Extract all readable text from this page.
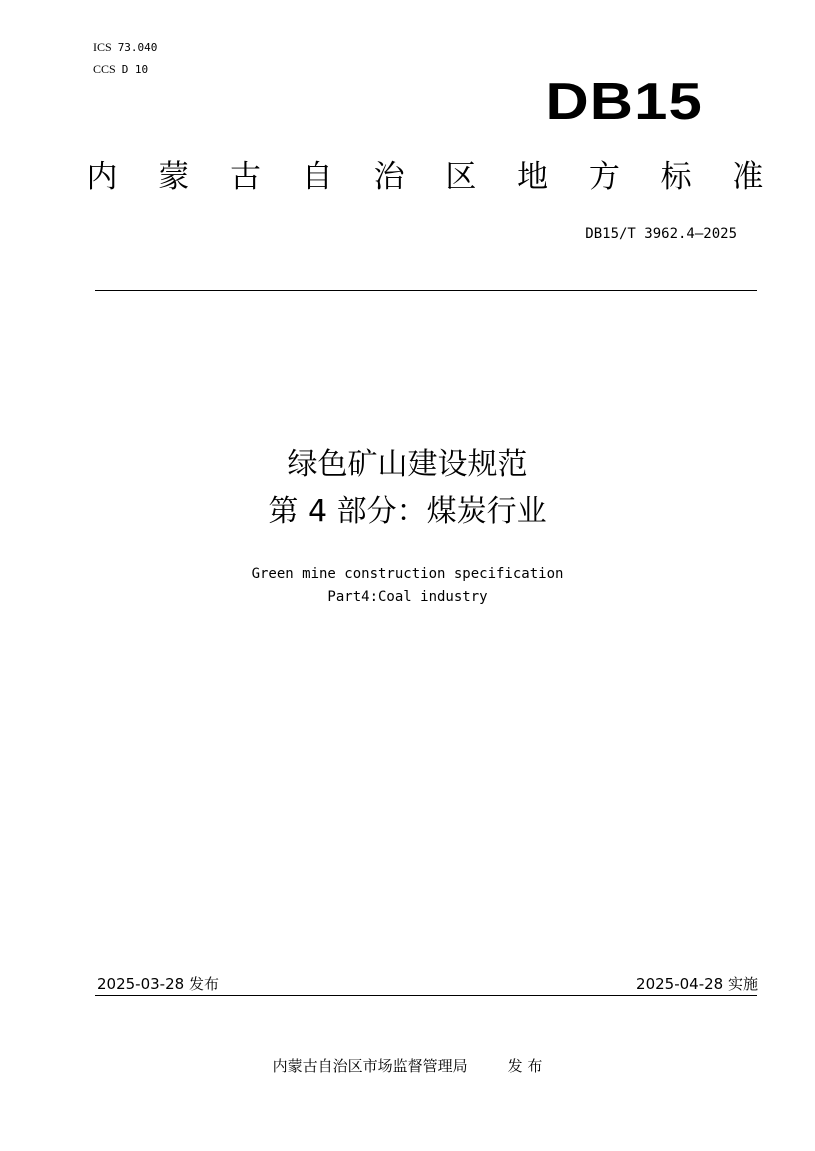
ICS 73.040
CCS D 10
DB15
内 蒙 古 自 治 区 地 方 标 准
DB15/T 3962.4—2025
绿色矿山建设规范
第 4 部分：煤炭行业
Green mine construction specification
Part4:Coal industry
2025-03-28 发布	2025-04-28 实施
内蒙古自治区市场监督管理局	发 布
